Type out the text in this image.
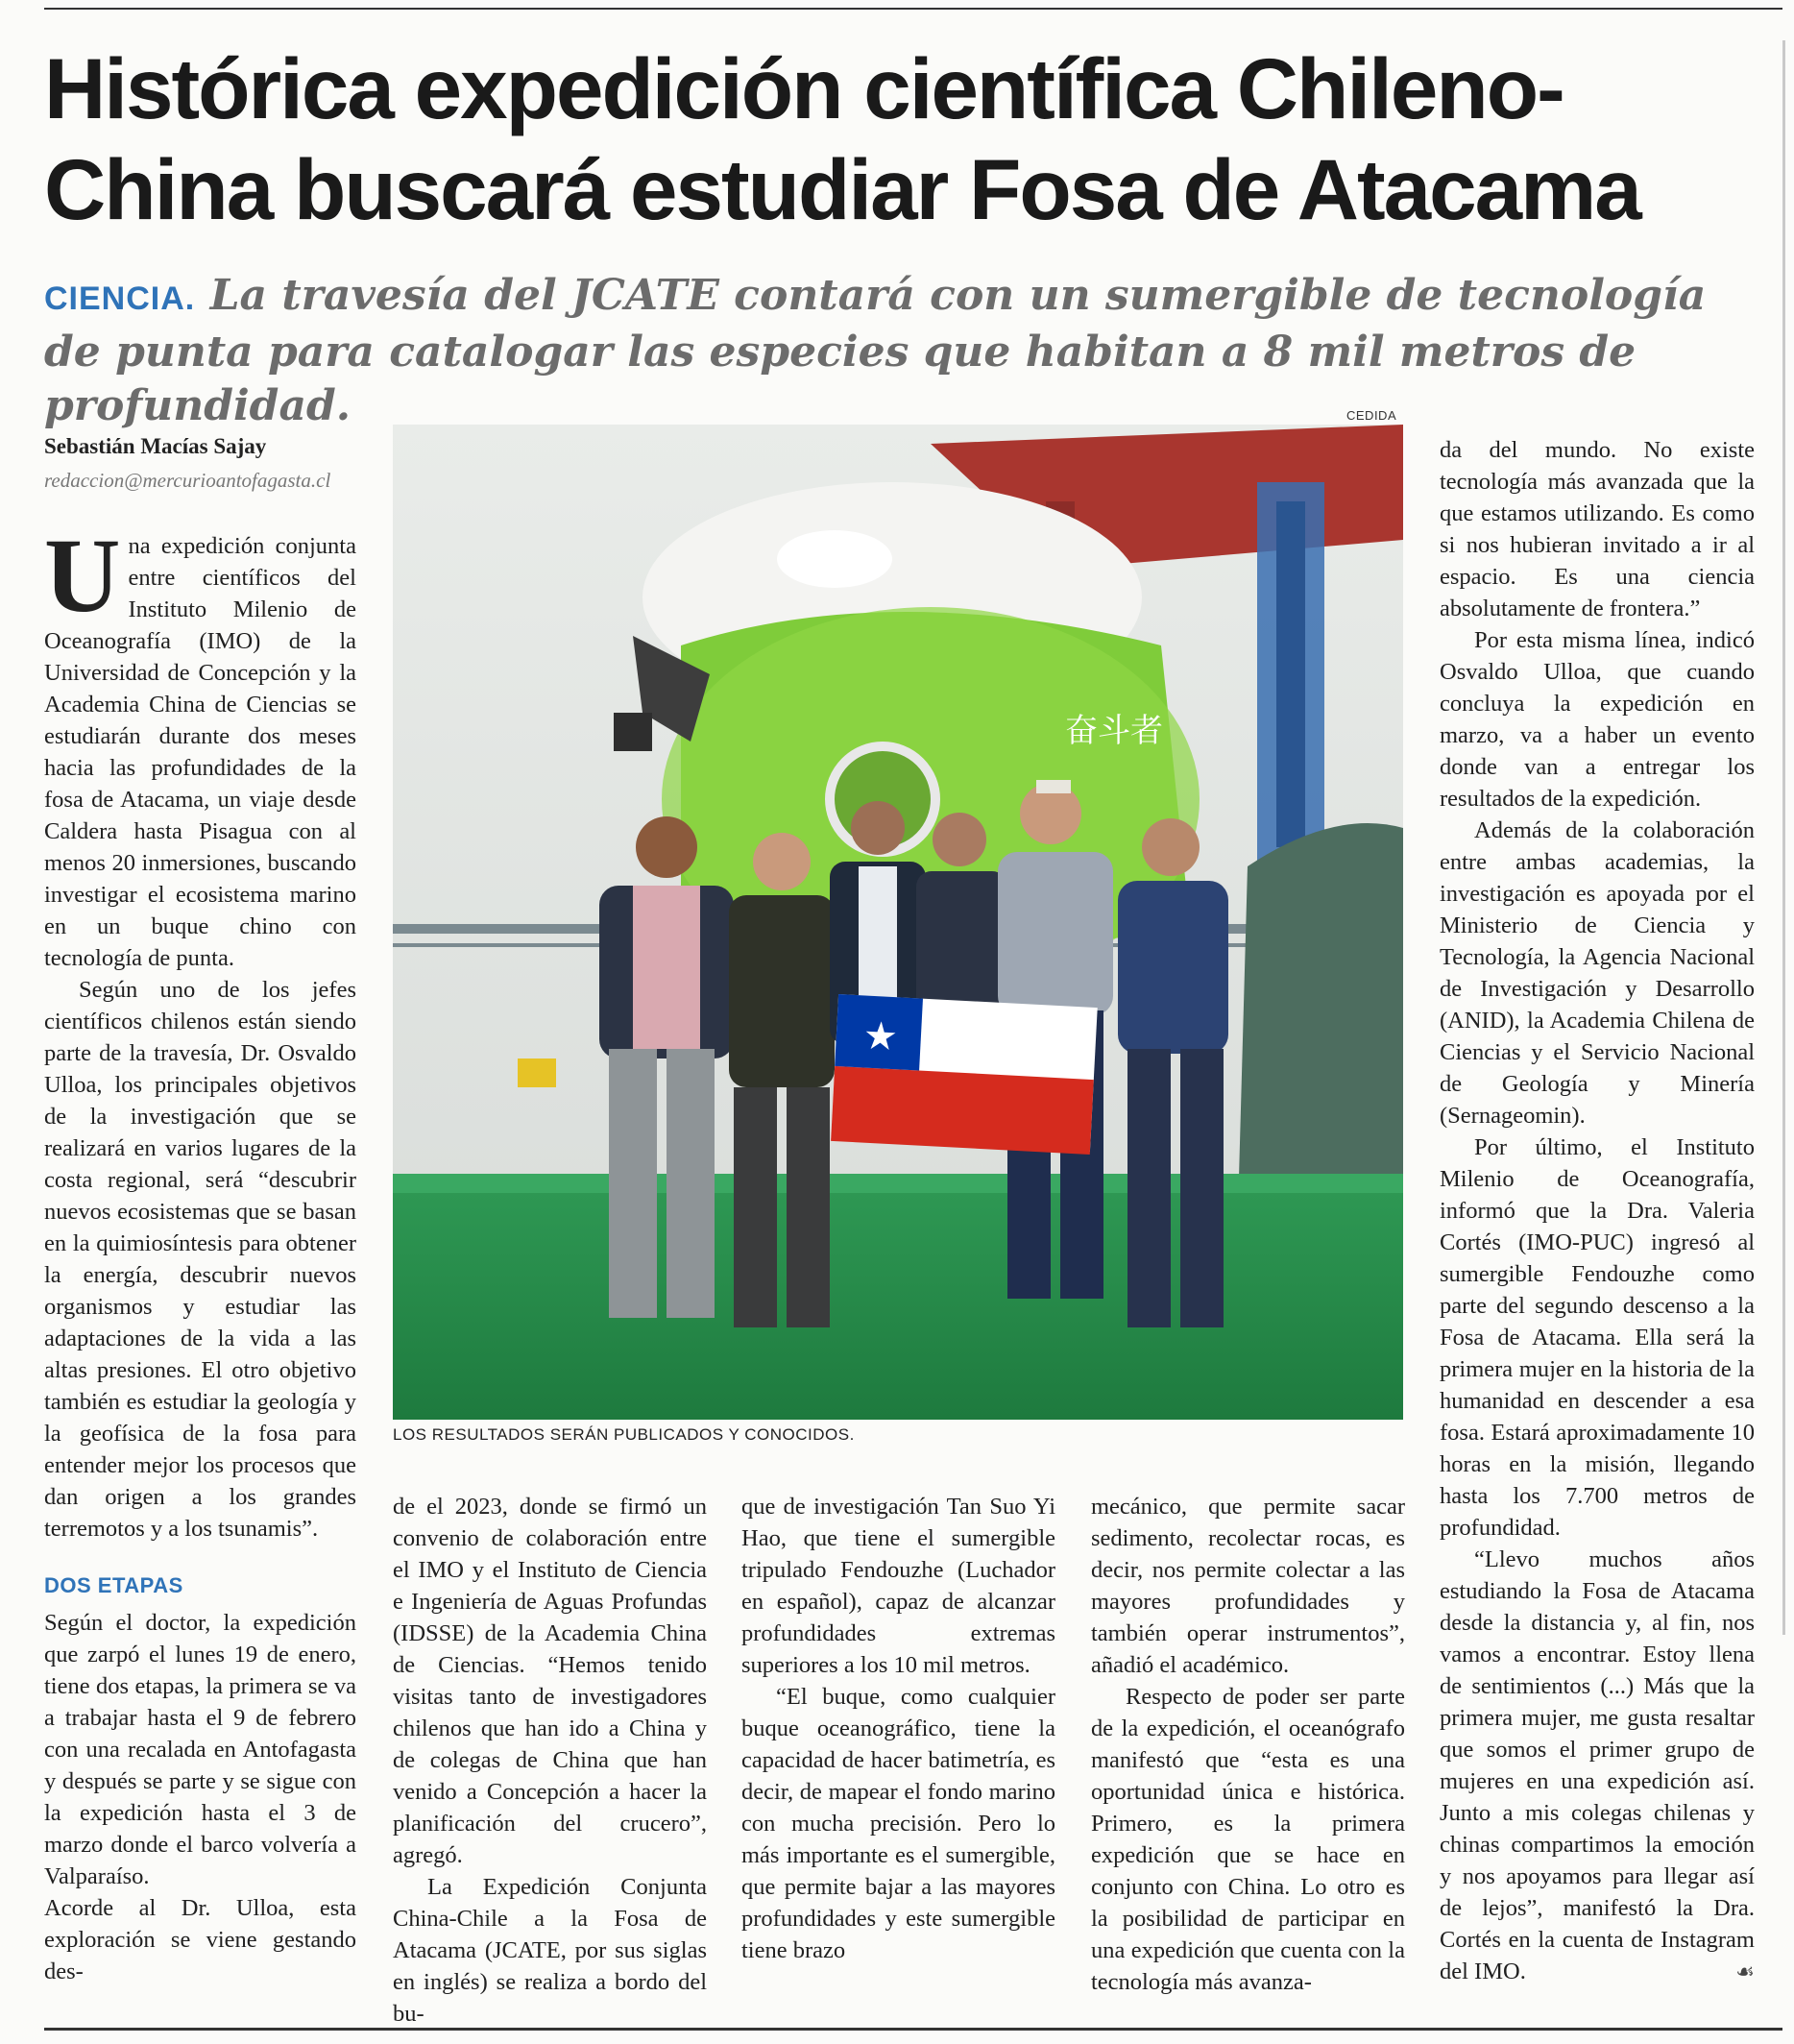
Histórica expedición científica Chileno-China buscará estudiar Fosa de Atacama

CIENCIA. La travesía del JCATE contará con un sumergible de tecnología de punta para catalogar las especies que habitan a 8 mil metros de profundidad.

Sebastián Macías Sajay
redaccion@mercurioantofagasta.cl

Una expedición conjunta entre científicos del Instituto Milenio de Oceanografía (IMO) de la Universidad de Concepción y la Academia China de Ciencias se estudiarán durante dos meses hacia las profundidades de la fosa de Atacama, un viaje desde Caldera hasta Pisagua con al menos 20 inmersiones, buscando investigar el ecosistema marino en un buque chino con tecnología de punta.

Según uno de los jefes científicos chilenos están siendo parte de la travesía, Dr. Osvaldo Ulloa, los principales objetivos de la investigación que se realizará en varios lugares de la costa regional, será “descubrir nuevos ecosistemas que se basan en la quimiosíntesis para obtener la energía, descubrir nuevos organismos y estudiar las adaptaciones de la vida a las altas presiones. El otro objetivo también es estudiar la geología y la geofísica de la fosa para entender mejor los procesos que dan origen a los grandes terremotos y a los tsunamis”.

DOS ETAPAS

Según el doctor, la expedición que zarpó el lunes 19 de enero, tiene dos etapas, la primera se va a trabajar hasta el 9 de febrero con una recalada en Antofagasta y después se parte y se sigue con la expedición hasta el 3 de marzo donde el barco volvería a Valparaíso.

Acorde al Dr. Ulloa, esta exploración se viene gestando des-

CEDIDA
奋斗者
★
LOS RESULTADOS SERÁN PUBLICADOS Y CONOCIDOS.

de el 2023, donde se firmó un convenio de colaboración entre el IMO y el Instituto de Ciencia e Ingeniería de Aguas Profundas (IDSSE) de la Academia China de Ciencias. “Hemos tenido visitas tanto de investigadores chilenos que han ido a China y de colegas de China que han venido a Concepción a hacer la planificación del crucero”, agregó.

La Expedición Conjunta China-Chile a la Fosa de Atacama (JCATE, por sus siglas en inglés) se realiza a bordo del bu-

que de investigación Tan Suo Yi Hao, que tiene el sumergible tripulado Fendouzhe (Luchador en español), capaz de alcanzar profundidades extremas superiores a los 10 mil metros.

“El buque, como cualquier buque oceanográfico, tiene la capacidad de hacer batimetría, es decir, de mapear el fondo marino con mucha precisión. Pero lo más importante es el sumergible, que permite bajar a las mayores profundidades y este sumergible tiene brazo

mecánico, que permite sacar sedimento, recolectar rocas, es decir, nos permite colectar a las mayores profundidades y también operar instrumentos”, añadió el académico.

Respecto de poder ser parte de la expedición, el oceanógrafo manifestó que “esta es una oportunidad única e histórica. Primero, es la primera expedición que se hace en conjunto con China. Lo otro es la posibilidad de participar en una expedición que cuenta con la tecnología más avanza-

da del mundo. No existe tecnología más avanzada que la que estamos utilizando. Es como si nos hubieran invitado a ir al espacio. Es una ciencia absolutamente de frontera.”

Por esta misma línea, indicó Osvaldo Ulloa, que cuando concluya la expedición en marzo, va a haber un evento donde van a entregar los resultados de la expedición.

Además de la colaboración entre ambas academias, la investigación es apoyada por el Ministerio de Ciencia y Tecnología, la Agencia Nacional de Investigación y Desarrollo (ANID), la Academia Chilena de Ciencias y el Servicio Nacional de Geología y Minería (Sernageomin).

Por último, el Instituto Milenio de Oceanografía, informó que la Dra. Valeria Cortés (IMO-PUC) ingresó al sumergible Fendouzhe como parte del segundo descenso a la Fosa de Atacama. Ella será la primera mujer en la historia de la humanidad en descender a esa fosa. Estará aproximadamente 10 horas en la misión, llegando hasta los 7.700 metros de profundidad.

“Llevo muchos años estudiando la Fosa de Atacama desde la distancia y, al fin, nos vamos a encontrar. Estoy llena de sentimientos (...) Más que la primera mujer, me gusta resaltar que somos el primer grupo de mujeres en una expedición así. Junto a mis colegas chilenas y chinas compartimos la emoción y nos apoyamos para llegar así de lejos”, manifestó la Dra. Cortés en la cuenta de Instagram del IMO.	☙
